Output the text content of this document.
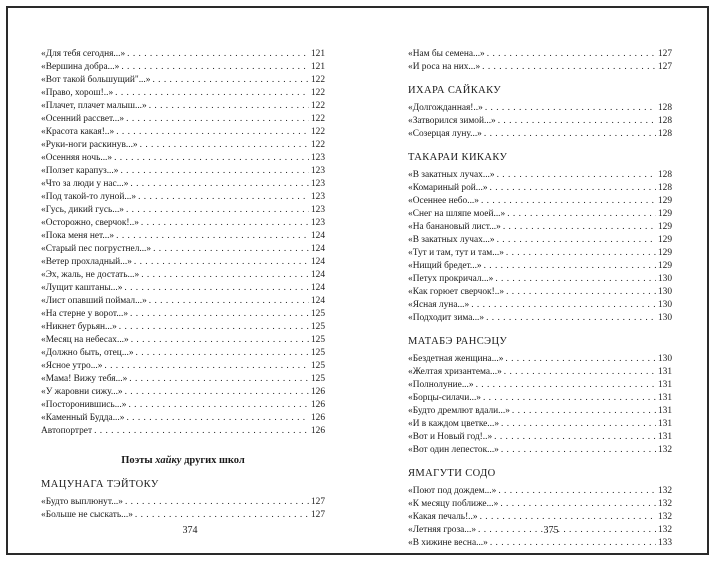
«Для тебя сегодня...» . . .	121
«Вершина добра...» . . .	121
«Вот такой большущий"...» . . .	122
«Право, хорош!..» . . .	122
«Плачет, плачет малыш...» . . .	122
«Осенний рассвет...» . . .	122
«Красота какая!..» . . .	122
«Руки-ноги раскинув...» . . .	122
«Осенняя ночь...» . . .	123
«Ползет карапуз...» . . .	123
«Что за люди у нас...» . . .	123
«Под такой-то луной...» . . .	123
«Гусь, дикий гусь...» . . .	123
«Осторожно, сверчок!..» . . .	123
«Пока меня нет...» . . .	124
«Старый пес погрустнел...» . . .	124
«Ветер прохладный...» . . .	124
«Эх, жаль, не достать...» . . .	124
«Лущит каштаны...» . . .	124
«Лист опавший поймал...» . . .	124
«На стерне у ворот...» . . .	125
«Никнет бурьян...» . . .	125
«Месяц на небесах...» . . .	125
«Должно быть, отец...» . . .	125
«Ясное утро...» . . .	125
«Мама! Вижу тебя...» . . .	125
«У жаровни сижу...» . . .	126
«Посторонившись...» . . .	126
«Каменный Будда...» . . .	126
Автопортрет . . .	126
Поэты хайку других школ
МАЦУНАГА ТЭЙТОКУ
«Будто выплюнут...» . . .	127
«Больше не сыскать...» . . .	127
«Нам бы семена...» . . .	127
«И роса на них...» . . .	127
ИХАРА САЙКАКУ
«Долгожданная!..» . . .	128
«Затворился зимой...» . . .	128
«Созерцая луну...» . . .	128
ТАКАРАИ КИКАКУ
«В закатных лучах...» . . .	128
«Комариный рой...» . . .	128
«Осеннее небо...» . . .	129
«Снег на шляпе моей...» . . .	129
«На банановый лист...» . . .	129
«В закатных лучах...» . . .	129
«Тут и там, тут и там...» . . .	129
«Нищий бредет...» . . .	129
«Петух прокричал...» . . .	130
«Как горюет сверчок!..» . . .	130
«Ясная луна...» . . .	130
«Подходит зима...» . . .	130
МАТАБЭ РАНСЭЦУ
«Бездетная женщина...» . . .	130
«Желтая хризантема...» . . .	131
«Полнолуние...» . . .	131
«Борцы-силачи...» . . .	131
«Будто дремлют вдали...» . . .	131
«И в каждом цветке...» . . .	131
«Вот и Новый год!..» . . .	131
«Вот один лепесток...» . . .	132
ЯМАГУТИ СОДО
«Поют под дождем...» . . .	132
«К месяцу поближе...» . . .	132
«Какая печаль!..» . . .	132
«Летняя гроза...» . . .	132
«В хижине весна...» . . .	133
374	375
